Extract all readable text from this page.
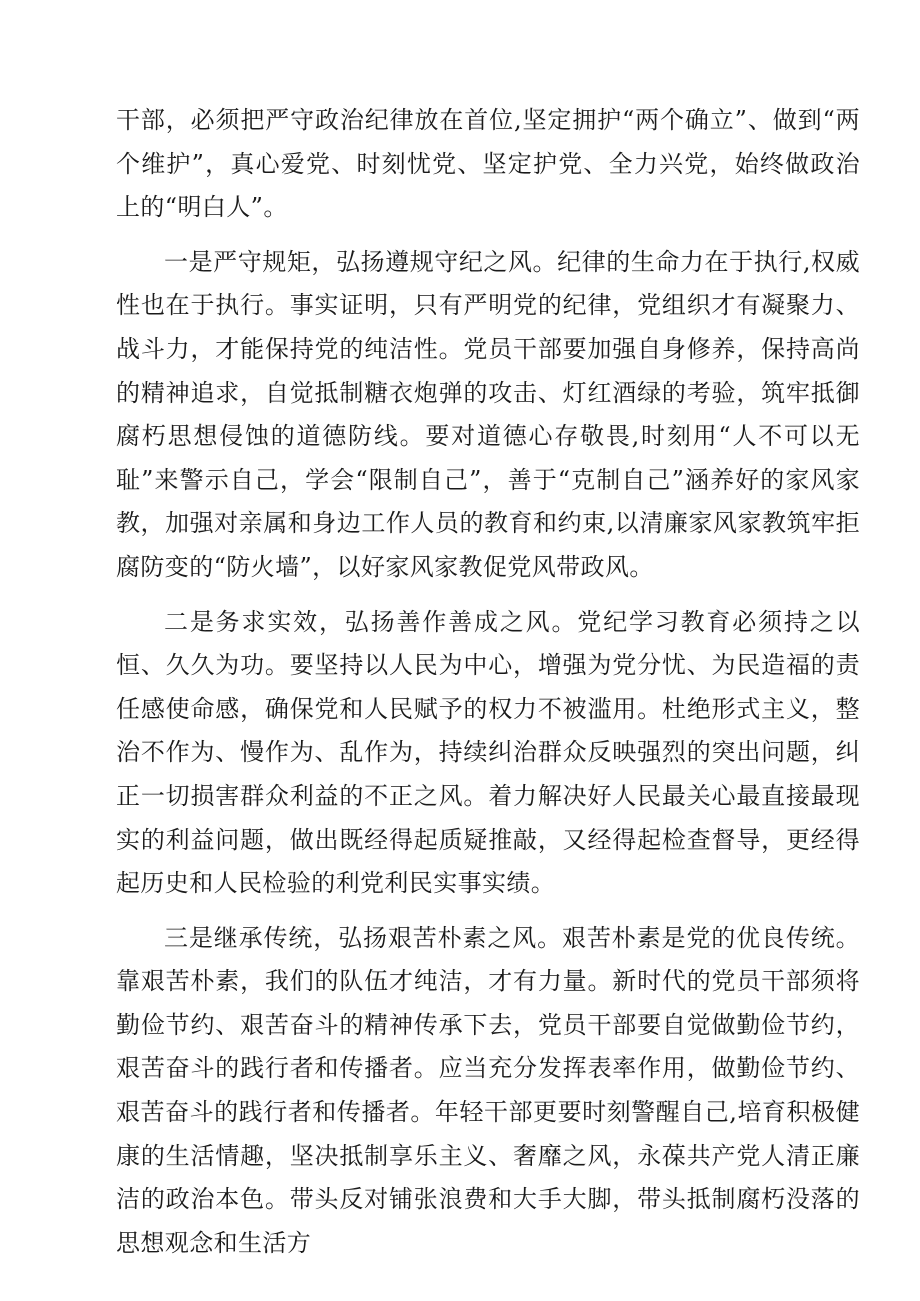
干部，必须把严守政治纪律放在首位,坚定拥护“两个确立”、做到“两个维护”，真心爱党、时刻忧党、坚定护党、全力兴党，始终做政治上的“明白人”。

一是严守规矩，弘扬遵规守纪之风。纪律的生命力在于执行,权威性也在于执行。事实证明，只有严明党的纪律，党组织才有凝聚力、战斗力，才能保持党的纯洁性。党员干部要加强自身修养，保持高尚的精神追求，自觉抵制糖衣炮弹的攻击、灯红酒绿的考验，筑牢抵御腐朽思想侵蚀的道德防线。要对道德心存敬畏,时刻用“人不可以无耻”来警示自己，学会“限制自己”，善于“克制自己”涵养好的家风家教，加强对亲属和身边工作人员的教育和约束,以清廉家风家教筑牢拒腐防变的“防火墙”，以好家风家教促党风带政风。

二是务求实效，弘扬善作善成之风。党纪学习教育必须持之以恒、久久为功。要坚持以人民为中心，增强为党分忧、为民造福的责任感使命感，确保党和人民赋予的权力不被滥用。杜绝形式主义，整治不作为、慢作为、乱作为，持续纠治群众反映强烈的突出问题，纠正一切损害群众利益的不正之风。着力解决好人民最关心最直接最现实的利益问题，做出既经得起质疑推敲，又经得起检查督导，更经得起历史和人民检验的利党利民实事实绩。

三是继承传统，弘扬艰苦朴素之风。艰苦朴素是党的优良传统。靠艰苦朴素，我们的队伍才纯洁，才有力量。新时代的党员干部须将勤俭节约、艰苦奋斗的精神传承下去，党员干部要自觉做勤俭节约，艰苦奋斗的践行者和传播者。应当充分发挥表率作用，做勤俭节约、艰苦奋斗的践行者和传播者。年轻干部更要时刻警醒自己,培育积极健康的生活情趣，坚决抵制享乐主义、奢靡之风，永葆共产党人清正廉洁的政治本色。带头反对铺张浪费和大手大脚，带头抵制腐朽没落的思想观念和生活方
